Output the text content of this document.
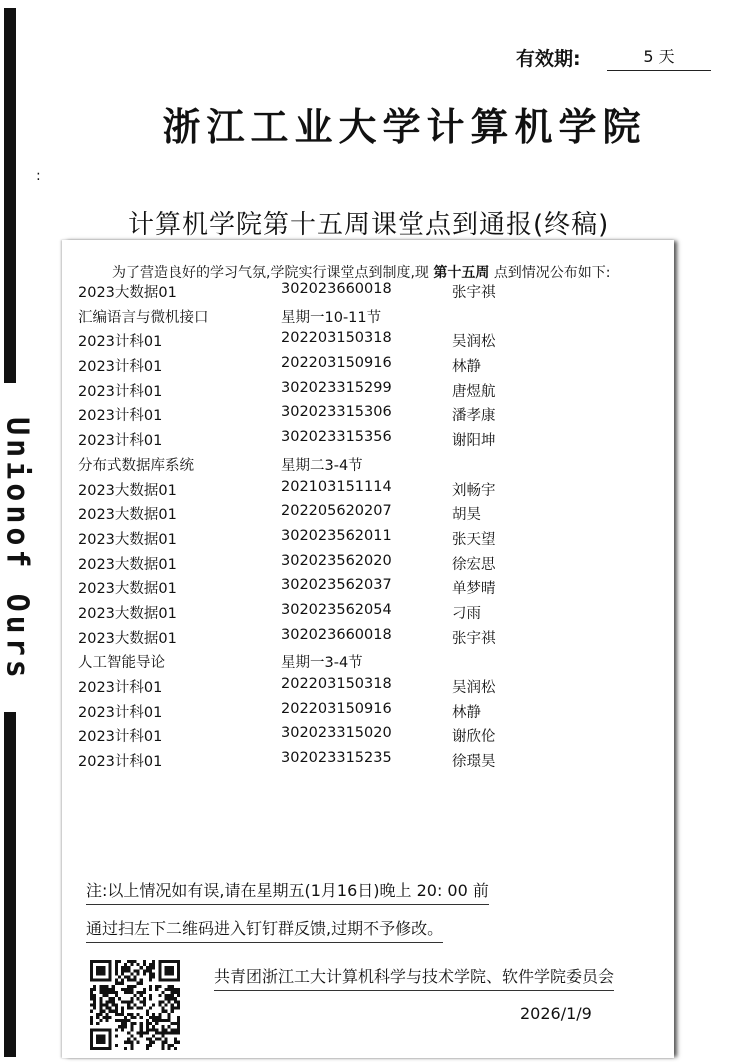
Unionof Ours
:
有效期:	5 天
浙江工业大学计算机学院
计算机学院第十五周课堂点到通报(终稿)
为了营造良好的学习气氛,学院实行课堂点到制度,现 第十五周 点到情况公布如下:
2023大数据01	302023660018	张宇祺
汇编语言与微机接口	星期一10-11节
2023计科01	202203150318	吴润松
2023计科01	202203150916	林静
2023计科01	302023315299	唐煜航
2023计科01	302023315306	潘孝康
2023计科01	302023315356	谢阳坤
分布式数据库系统	星期二3-4节
2023大数据01	202103151114	刘畅宇
2023大数据01	202205620207	胡昊
2023大数据01	302023562011	张天望
2023大数据01	302023562020	徐宏思
2023大数据01	302023562037	单梦晴
2023大数据01	302023562054	刁雨
2023大数据01	302023660018	张宇祺
人工智能导论	星期一3-4节
2023计科01	202203150318	吴润松
2023计科01	202203150916	林静
2023计科01	302023315020	谢欣伦
2023计科01	302023315235	徐璟昊
注:以上情况如有误,请在星期五(1月16日)晚上 20: 00 前
通过扫左下二维码进入钉钉群反馈,过期不予修改。
共青团浙江工大计算机科学与技术学院、软件学院委员会
2026/1/9
